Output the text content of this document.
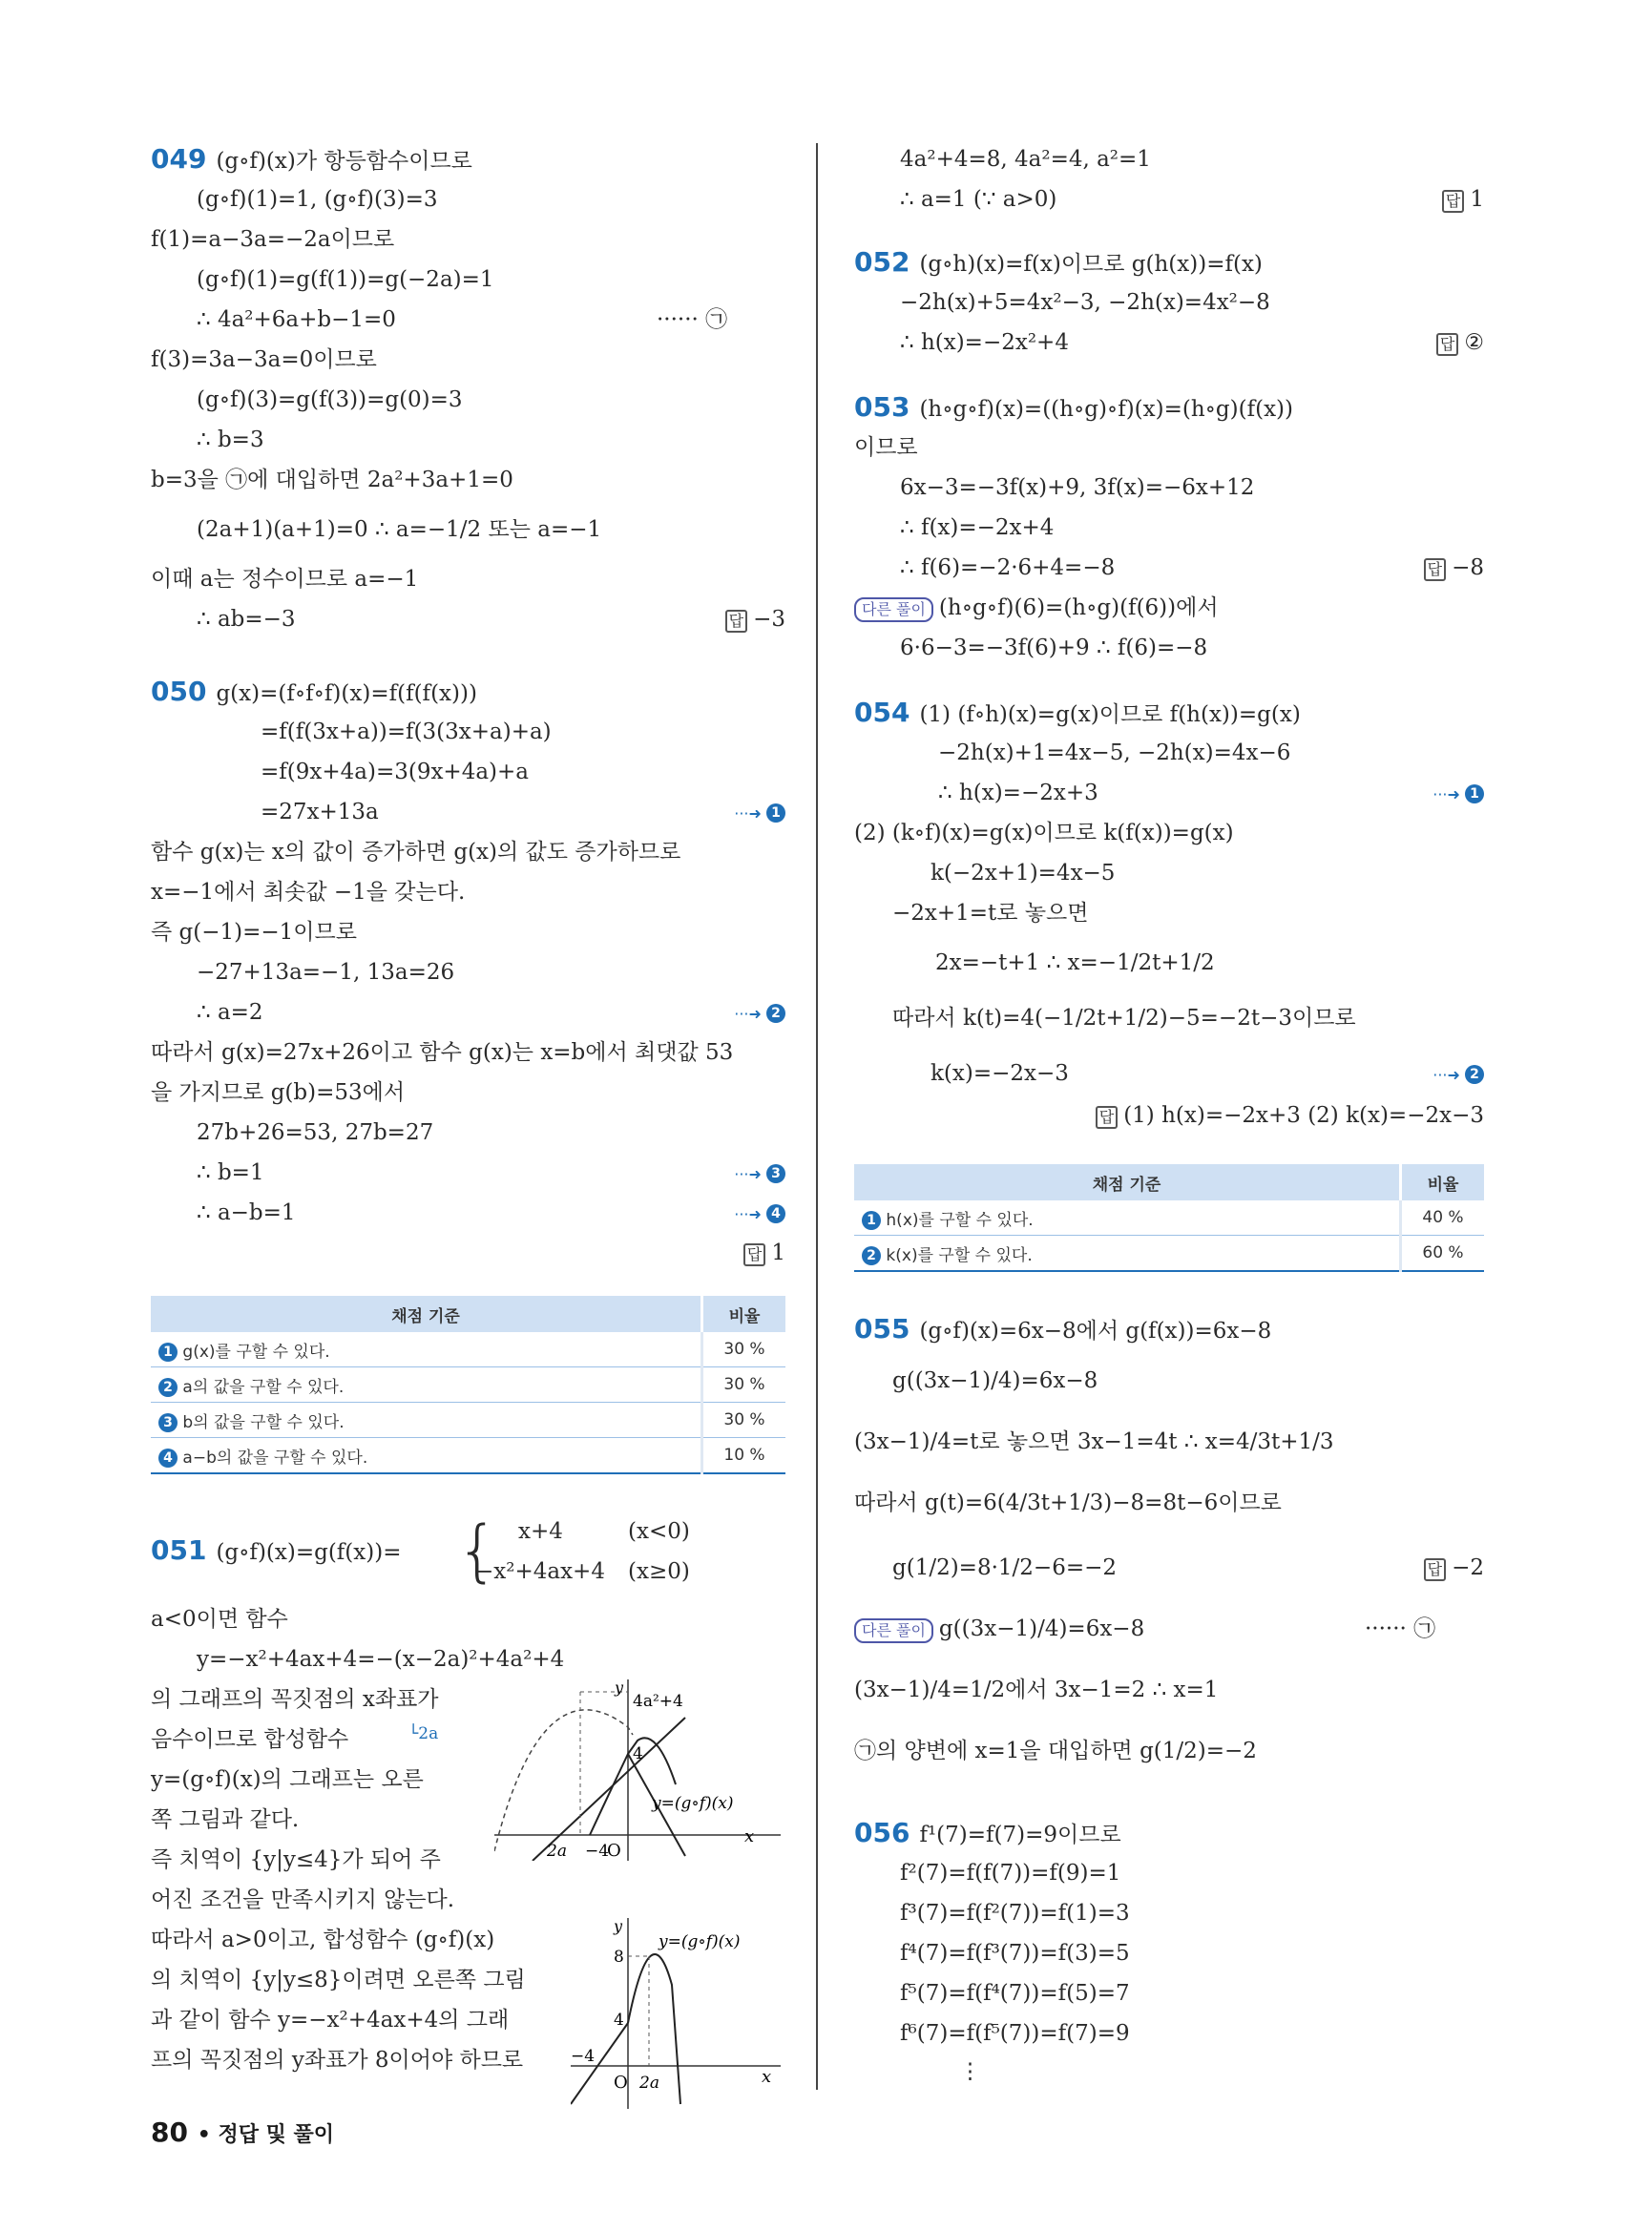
049 (g∘f)(x)가 항등함수이므로
(g∘f)(1)=1, (g∘f)(3)=3
f(1)=a−3a=−2a이므로
(g∘f)(1)=g(f(1))=g(−2a)=1
∴ 4a²+6a+b−1=0	······ ㉠
f(3)=3a−3a=0이므로
(g∘f)(3)=g(f(3))=g(0)=3
∴ b=3
b=3을 ㉠에 대입하면 2a²+3a+1=0
(2a+1)(a+1)=0 ∴ a=−1/2 또는 a=−1
이때 a는 정수이므로 a=−1
∴ ab=−3	답 −3
050 g(x)=(f∘f∘f)(x)=f(f(f(x)))
=f(f(3x+a))=f(3(3x+a)+a)
=f(9x+4a)=3(9x+4a)+a
=27x+13a	···➜ 1
함수 g(x)는 x의 값이 증가하면 g(x)의 값도 증가하므로
x=−1에서 최솟값 −1을 갖는다.
즉 g(−1)=−1이므로
−27+13a=−1, 13a=26
∴ a=2	···➜ 2
따라서 g(x)=27x+26이고 함수 g(x)는 x=b에서 최댓값 53
을 가지므로 g(b)=53에서
27b+26=53, 27b=27
∴ b=1	···➜ 3
∴ a−b=1	···➜ 4
답 1
채점 기준	비율
1 g(x)를 구할 수 있다.	30 %
2 a의 값을 구할 수 있다.	30 %
3 b의 값을 구할 수 있다.	30 %
4 a−b의 값을 구할 수 있다.	10 %
051 (g∘f)(x)=g(f(x))= { x+4	(x<0)
−x²+4ax+4 (x≥0)
a<0이면 함수
y=−x²+4ax+4=−(x−2a)²+4a²+4
의 그래프의 꼭짓점의 x좌표가
└2a
음수이므로 합성함수
y=(g∘f)(x)의 그래프는 오른
쪽 그림과 같다.
즉 치역이 {y|y≤4}가 되어 주
어진 조건을 만족시키지 않는다.
따라서 a>0이고, 합성함수 (g∘f)(x)
의 치역이 {y|y≤8}이려면 오른쪽 그림
과 같이 함수 y=−x²+4ax+4의 그래
프의 꼭짓점의 y좌표가 8이어야 하므로
y
x
O
4a²+4
4
−4
2a
y=(g∘f)(x)
y
x
O
8
4
−4
2a
y=(g∘f)(x)
4a²+4=8, 4a²=4, a²=1
∴ a=1 (∵ a>0)	답 1
052 (g∘h)(x)=f(x)이므로 g(h(x))=f(x)
−2h(x)+5=4x²−3, −2h(x)=4x²−8
∴ h(x)=−2x²+4	답 ②
053 (h∘g∘f)(x)=((h∘g)∘f)(x)=(h∘g)(f(x))
이므로
6x−3=−3f(x)+9, 3f(x)=−6x+12
∴ f(x)=−2x+4
∴ f(6)=−2·6+4=−8	답 −8
다른 풀이 (h∘g∘f)(6)=(h∘g)(f(6))에서
6·6−3=−3f(6)+9 ∴ f(6)=−8
054 (1) (f∘h)(x)=g(x)이므로 f(h(x))=g(x)
−2h(x)+1=4x−5, −2h(x)=4x−6
∴ h(x)=−2x+3	···➜ 1
(2) (k∘f)(x)=g(x)이므로 k(f(x))=g(x)
k(−2x+1)=4x−5
−2x+1=t로 놓으면
2x=−t+1 ∴ x=−1/2t+1/2
따라서 k(t)=4(−1/2t+1/2)−5=−2t−3이므로
k(x)=−2x−3	···➜ 2
답 (1) h(x)=−2x+3 (2) k(x)=−2x−3
채점 기준	비율
1 h(x)를 구할 수 있다.	40 %
2 k(x)를 구할 수 있다.	60 %
055 (g∘f)(x)=6x−8에서 g(f(x))=6x−8
g((3x−1)/4)=6x−8
(3x−1)/4=t로 놓으면 3x−1=4t ∴ x=4/3t+1/3
따라서 g(t)=6(4/3t+1/3)−8=8t−6이므로
g(1/2)=8·1/2−6=−2	답 −2
다른 풀이 g((3x−1)/4)=6x−8	······ ㉠
(3x−1)/4=1/2에서 3x−1=2 ∴ x=1
㉠의 양변에 x=1을 대입하면 g(1/2)=−2
056 f¹(7)=f(7)=9이므로
f²(7)=f(f(7))=f(9)=1
f³(7)=f(f²(7))=f(1)=3
f⁴(7)=f(f³(7))=f(3)=5
f⁵(7)=f(f⁴(7))=f(5)=7
f⁶(7)=f(f⁵(7))=f(7)=9
⋮
80 • 정답 및 풀이
